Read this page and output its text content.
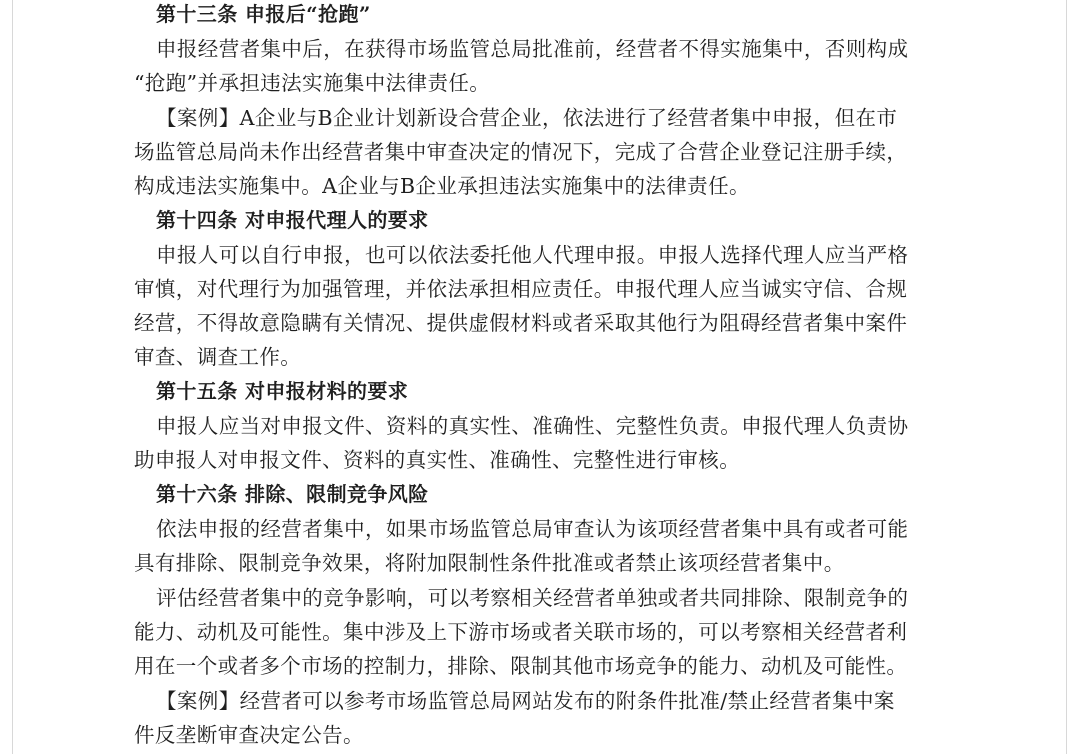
第十三条 申报后“抢跑”
申报经营者集中后，在获得市场监管总局批准前，经营者不得实施集中，否则构成
“抢跑”并承担违法实施集中法律责任。
【案例】A企业与B企业计划新设合营企业，依法进行了经营者集中申报，但在市
场监管总局尚未作出经营者集中审查决定的情况下，完成了合营企业登记注册手续，
构成违法实施集中。A企业与B企业承担违法实施集中的法律责任。
第十四条 对申报代理人的要求
申报人可以自行申报，也可以依法委托他人代理申报。申报人选择代理人应当严格
审慎，对代理行为加强管理，并依法承担相应责任。申报代理人应当诚实守信、合规
经营，不得故意隐瞒有关情况、提供虚假材料或者采取其他行为阻碍经营者集中案件
审查、调查工作。
第十五条 对申报材料的要求
申报人应当对申报文件、资料的真实性、准确性、完整性负责。申报代理人负责协
助申报人对申报文件、资料的真实性、准确性、完整性进行审核。
第十六条 排除、限制竞争风险
依法申报的经营者集中，如果市场监管总局审查认为该项经营者集中具有或者可能
具有排除、限制竞争效果，将附加限制性条件批准或者禁止该项经营者集中。
评估经营者集中的竞争影响，可以考察相关经营者单独或者共同排除、限制竞争的
能力、动机及可能性。集中涉及上下游市场或者关联市场的，可以考察相关经营者利
用在一个或者多个市场的控制力，排除、限制其他市场竞争的能力、动机及可能性。
【案例】经营者可以参考市场监管总局网站发布的附条件批准/禁止经营者集中案
件反垄断审查决定公告。
